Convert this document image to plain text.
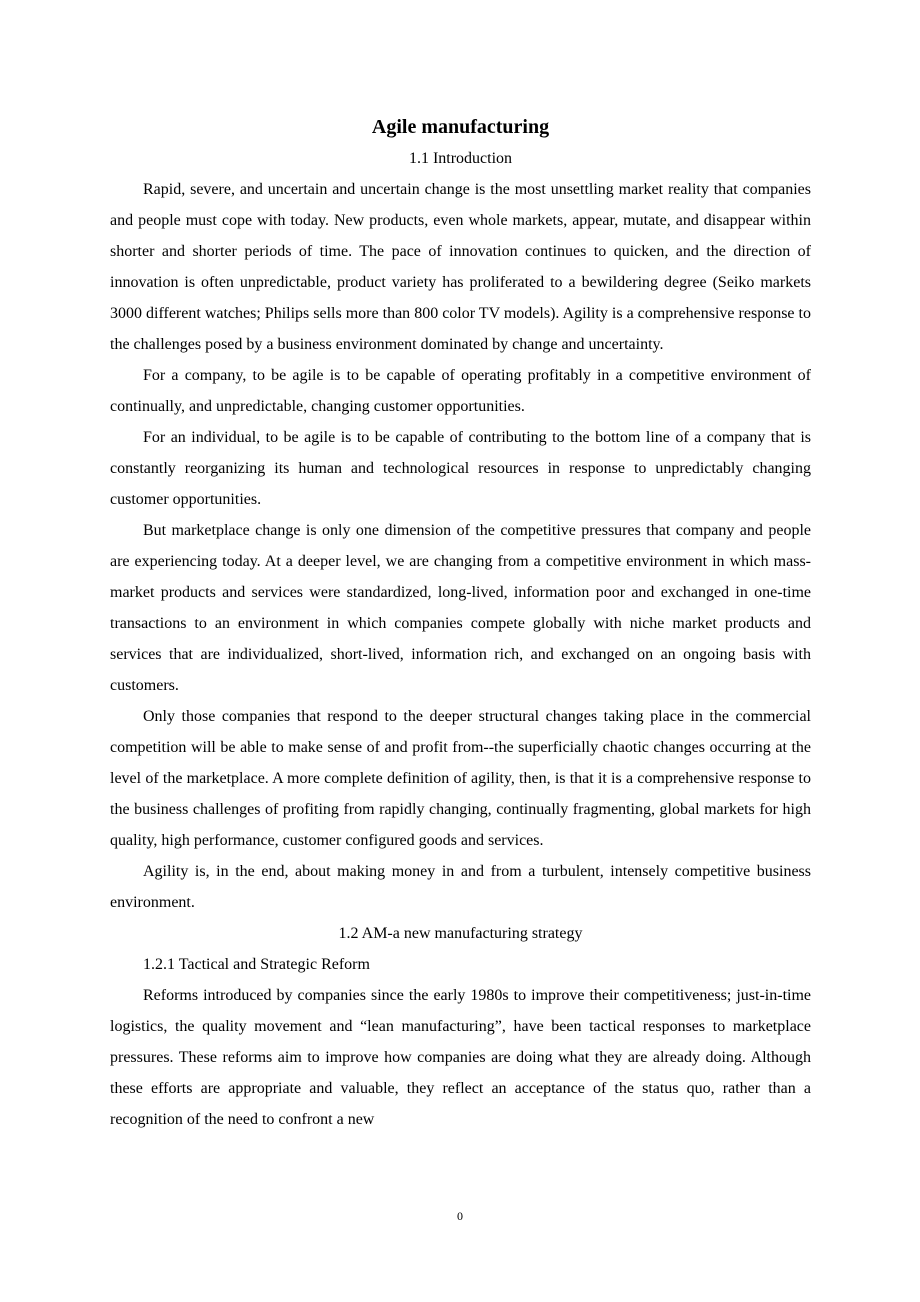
Agile manufacturing
1.1 Introduction

Rapid, severe, and uncertain and uncertain change is the most unsettling market reality that companies and people must cope with today. New products, even whole markets, appear, mutate, and disappear within shorter and shorter periods of time. The pace of innovation continues to quicken, and the direction of innovation is often unpredictable, product variety has proliferated to a bewildering degree (Seiko markets 3000 different watches; Philips sells more than 800 color TV models). Agility is a comprehensive response to the challenges posed by a business environment dominated by change and uncertainty.

For a company, to be agile is to be capable of operating profitably in a competitive environment of continually, and unpredictable, changing customer opportunities.

For an individual, to be agile is to be capable of contributing to the bottom line of a company that is constantly reorganizing its human and technological resources in response to unpredictably changing customer opportunities.

But marketplace change is only one dimension of the competitive pressures that company and people are experiencing today. At a deeper level, we are changing from a competitive environment in which mass-market products and services were standardized, long-lived, information poor and exchanged in one-time transactions to an environment in which companies compete globally with niche market products and services that are individualized, short-lived, information rich, and exchanged on an ongoing basis with customers.

Only those companies that respond to the deeper structural changes taking place in the commercial competition will be able to make sense of and profit from--the superficially chaotic changes occurring at the level of the marketplace. A more complete definition of agility, then, is that it is a comprehensive response to the business challenges of profiting from rapidly changing, continually fragmenting, global markets for high quality, high performance, customer configured goods and services.

Agility is, in the end, about making money in and from a turbulent, intensely competitive business environment.

1.2 AM-a new manufacturing strategy
1.2.1 Tactical and Strategic Reform

Reforms introduced by companies since the early 1980s to improve their competitiveness; just-in-time logistics, the quality movement and “lean manufacturing”, have been tactical responses to marketplace pressures. These reforms aim to improve how companies are doing what they are already doing. Although these efforts are appropriate and valuable, they reflect an acceptance of the status quo, rather than a recognition of the need to confront a new

0
